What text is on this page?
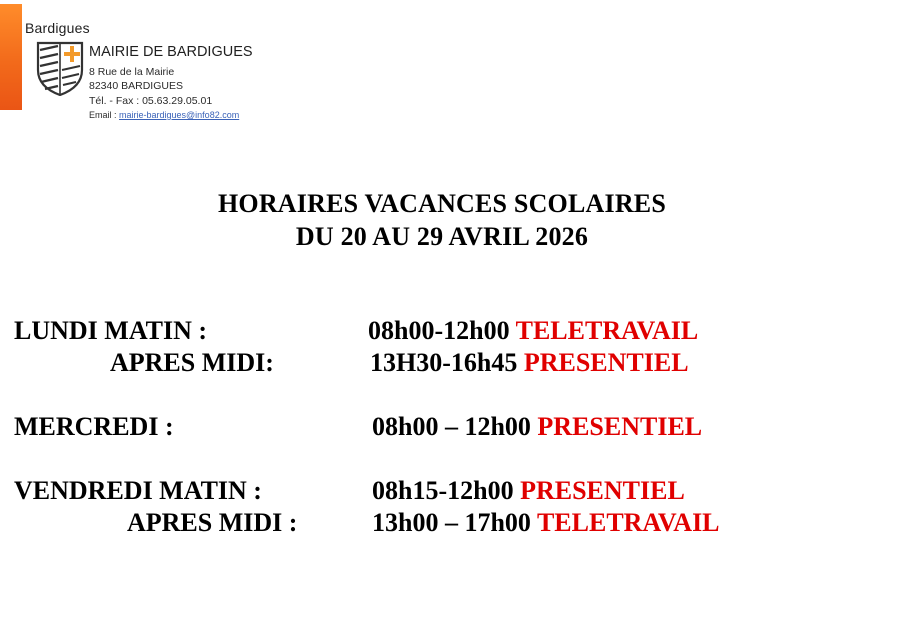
Bardigues
MAIRIE DE BARDIGUES
8 Rue de la Mairie
82340 BARDIGUES
Tél. - Fax : 05.63.29.05.01
Email : mairie-bardigues@info82.com
HORAIRES VACANCES SCOLAIRES
DU 20 AU 29 AVRIL 2026
LUNDI MATIN :	08h00-12h00 TELETRAVAIL
APRES MIDI:	13H30-16h45 PRESENTIEL
MERCREDI :	08h00 – 12h00 PRESENTIEL
VENDREDI MATIN :	08h15-12h00 PRESENTIEL
APRES MIDI :	13h00 – 17h00 TELETRAVAIL
